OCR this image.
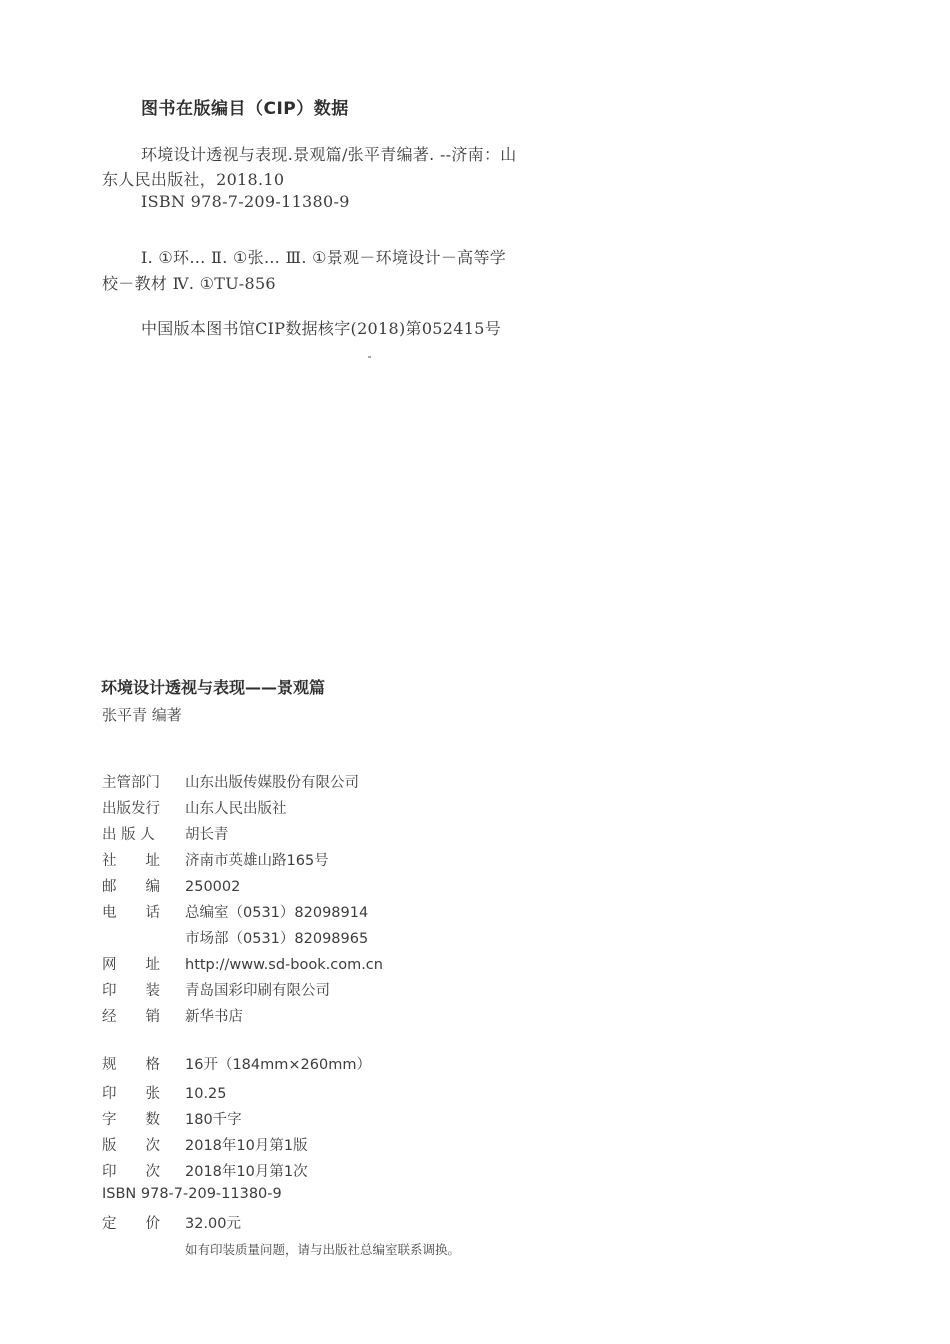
图书在版编目（CIP）数据
环境设计透视与表现.景观篇/张平青编著. --济南：山
东人民出版社，2018.10
ISBN 978-7-209-11380-9
Ⅰ. ①环… Ⅱ. ①张… Ⅲ. ①景观－环境设计－高等学
校－教材 Ⅳ. ①TU-856
中国版本图书馆CIP数据核字(2018)第052415号
环境设计透视与表现——景观篇
张平青 编著
主管部门 山东出版传媒股份有限公司
出版发行 山东人民出版社
出 版 人 胡长青
社　　址 济南市英雄山路165号
邮　　编 250002
电　　话 总编室（0531）82098914
市场部（0531）82098965
网　　址 http://www.sd-book.com.cn
印　　装 青岛国彩印刷有限公司
经　　销 新华书店
规　　格 16开（184mm×260mm）
印　　张 10.25
字　　数 180千字
版　　次 2018年10月第1版
印　　次 2018年10月第1次
ISBN 978-7-209-11380-9
定　　价 32.00元
如有印装质量问题，请与出版社总编室联系调换。
